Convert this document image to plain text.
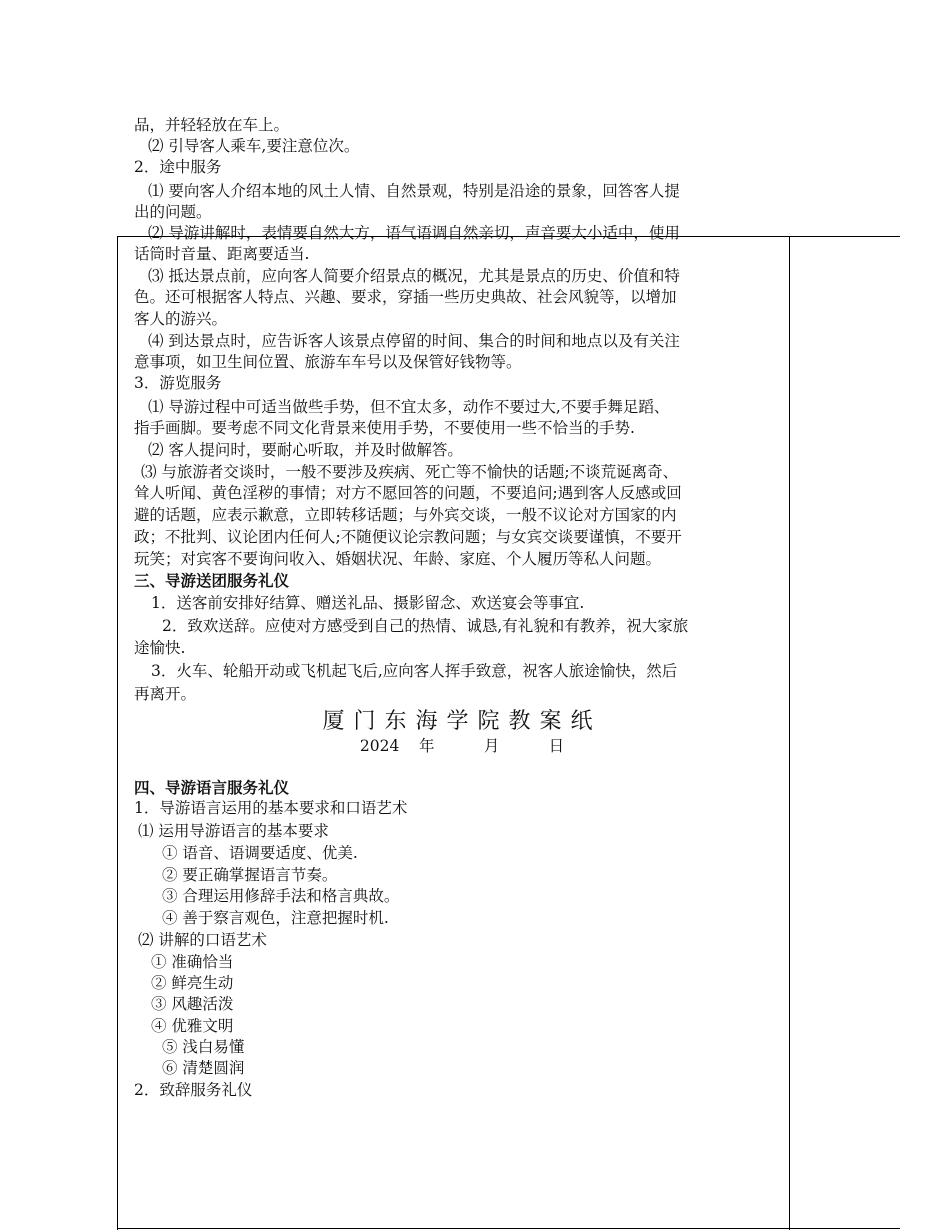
品，并轻轻放在车上。
⑵ 引导客人乘车,要注意位次。
2．途中服务
⑴ 要向客人介绍本地的风土人情、自然景观，特别是沿途的景象，回答客人提
出的问题。
⑵ 导游讲解时，表情要自然大方，语气语调自然亲切，声音要大小适中，使用
话筒时音量、距离要适当.
⑶ 抵达景点前，应向客人简要介绍景点的概况，尤其是景点的历史、价值和特
色。还可根据客人特点、兴趣、要求，穿插一些历史典故、社会风貌等，以增加
客人的游兴。
⑷ 到达景点时，应告诉客人该景点停留的时间、集合的时间和地点以及有关注
意事项，如卫生间位置、旅游车车号以及保管好钱物等。
3．游览服务
⑴ 导游过程中可适当做些手势，但不宜太多，动作不要过大,不要手舞足蹈、
指手画脚。要考虑不同文化背景来使用手势，不要使用一些不恰当的手势.
⑵ 客人提问时，要耐心听取，并及时做解答。
⑶ 与旅游者交谈时，一般不要涉及疾病、死亡等不愉快的话题;不谈荒诞离奇、
耸人听闻、黄色淫秽的事情；对方不愿回答的问题，不要追问;遇到客人反感或回
避的话题，应表示歉意，立即转移话题；与外宾交谈，一般不议论对方国家的内
政；不批判、议论团内任何人;不随便议论宗教问题；与女宾交谈要谨慎，不要开
玩笑；对宾客不要询问收入、婚姻状况、年龄、家庭、个人履历等私人问题。
三、导游送团服务礼仪
1．送客前安排好结算、赠送礼品、摄影留念、欢送宴会等事宜.
2．致欢送辞。应使对方感受到自己的热情、诚恳,有礼貌和有教养，祝大家旅
途愉快.
3．火车、轮船开动或飞机起飞后,应向客人挥手致意，祝客人旅途愉快，然后
再离开。
厦门东海学院教案纸
2024    年          月          日
四、导游语言服务礼仪
1．导游语言运用的基本要求和口语艺术
⑴ 运用导游语言的基本要求
① 语音、语调要适度、优美.
② 要正确掌握语言节奏。
③ 合理运用修辞手法和格言典故。
④ 善于察言观色，注意把握时机.
⑵ 讲解的口语艺术
① 准确恰当
② 鲜亮生动
③ 风趣活泼
④ 优雅文明
⑤ 浅白易懂
⑥ 清楚圆润
2．致辞服务礼仪
